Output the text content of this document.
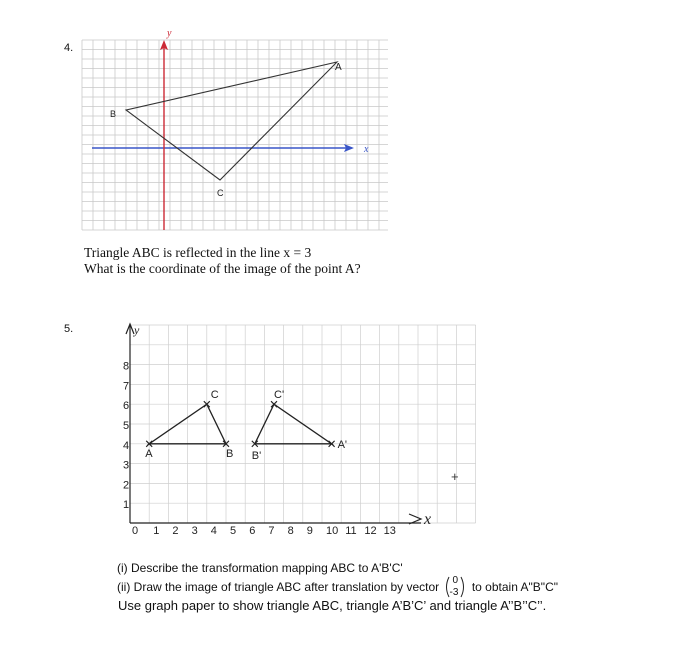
4.
y
x
A
B
C
Triangle ABC is reflected in the line x = 3
What is the coordinate of the image of the point A?
5.
x
y
0 1 2 3 4 5 6 7 8 9 10 11 12 13
1
2
3
4
5
6
7
8
A	B
C
A'
B'
C'
+
(i) Describe the transformation mapping ABC to A'B'C'
(ii) Draw the image of triangle ABC after translation by vector 0
-3 to obtain A"B"C"
Use graph paper to show triangle ABC, triangle A’B’C’ and triangle A’’B’’C’’.
